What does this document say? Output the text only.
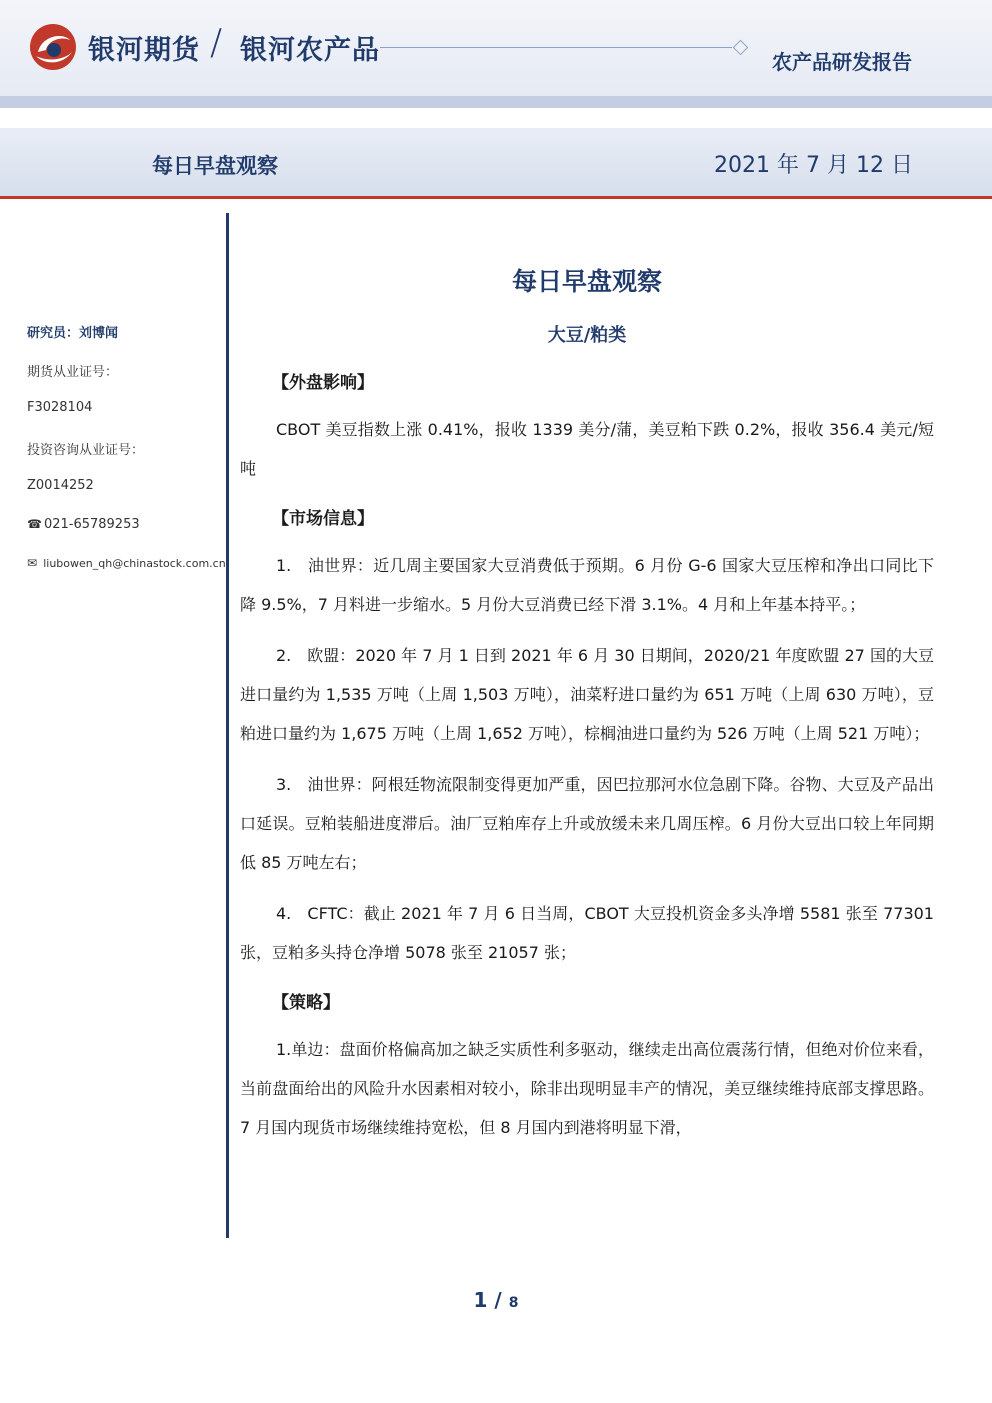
银河期货 / 银河农产品	农产品研发报告
每日早盘观察	2021 年 7 月 12 日
研究员：刘博闻
期货从业证号：
F3028104
投资咨询从业证号：
Z0014252
☎ 021-65789253
✉ liubowen_qh@chinastock.com.cn
每日早盘观察
大豆/粕类
【外盘影响】
CBOT 美豆指数上涨 0.41%，报收 1339 美分/蒲，美豆粕下跌 0.2%，报收 356.4 美元/短吨
【市场信息】
1.　油世界：近几周主要国家大豆消费低于预期。6 月份 G-6 国家大豆压榨和净出口同比下降 9.5%，7 月料进一步缩水。5 月份大豆消费已经下滑 3.1%。4 月和上年基本持平。；
2.　欧盟：2020 年 7 月 1 日到 2021 年 6 月 30 日期间，2020/21 年度欧盟 27 国的大豆进口量约为 1,535 万吨（上周 1,503 万吨），油菜籽进口量约为 651 万吨（上周 630 万吨），豆粕进口量约为 1,675 万吨（上周 1,652 万吨），棕榈油进口量约为 526 万吨（上周 521 万吨）；
3.　油世界：阿根廷物流限制变得更加严重，因巴拉那河水位急剧下降。谷物、大豆及产品出口延误。豆粕装船进度滞后。油厂豆粕库存上升或放缓未来几周压榨。6 月份大豆出口较上年同期低 85 万吨左右；
4.　CFTC：截止 2021 年 7 月 6 日当周，CBOT 大豆投机资金多头净增 5581 张至 77301 张，豆粕多头持仓净增 5078 张至 21057 张；
【策略】
1.单边：盘面价格偏高加之缺乏实质性利多驱动，继续走出高位震荡行情，但绝对价位来看，当前盘面给出的风险升水因素相对较小，除非出现明显丰产的情况，美豆继续维持底部支撑思路。7 月国内现货市场继续维持宽松，但 8 月国内到港将明显下滑，
1 / 8
